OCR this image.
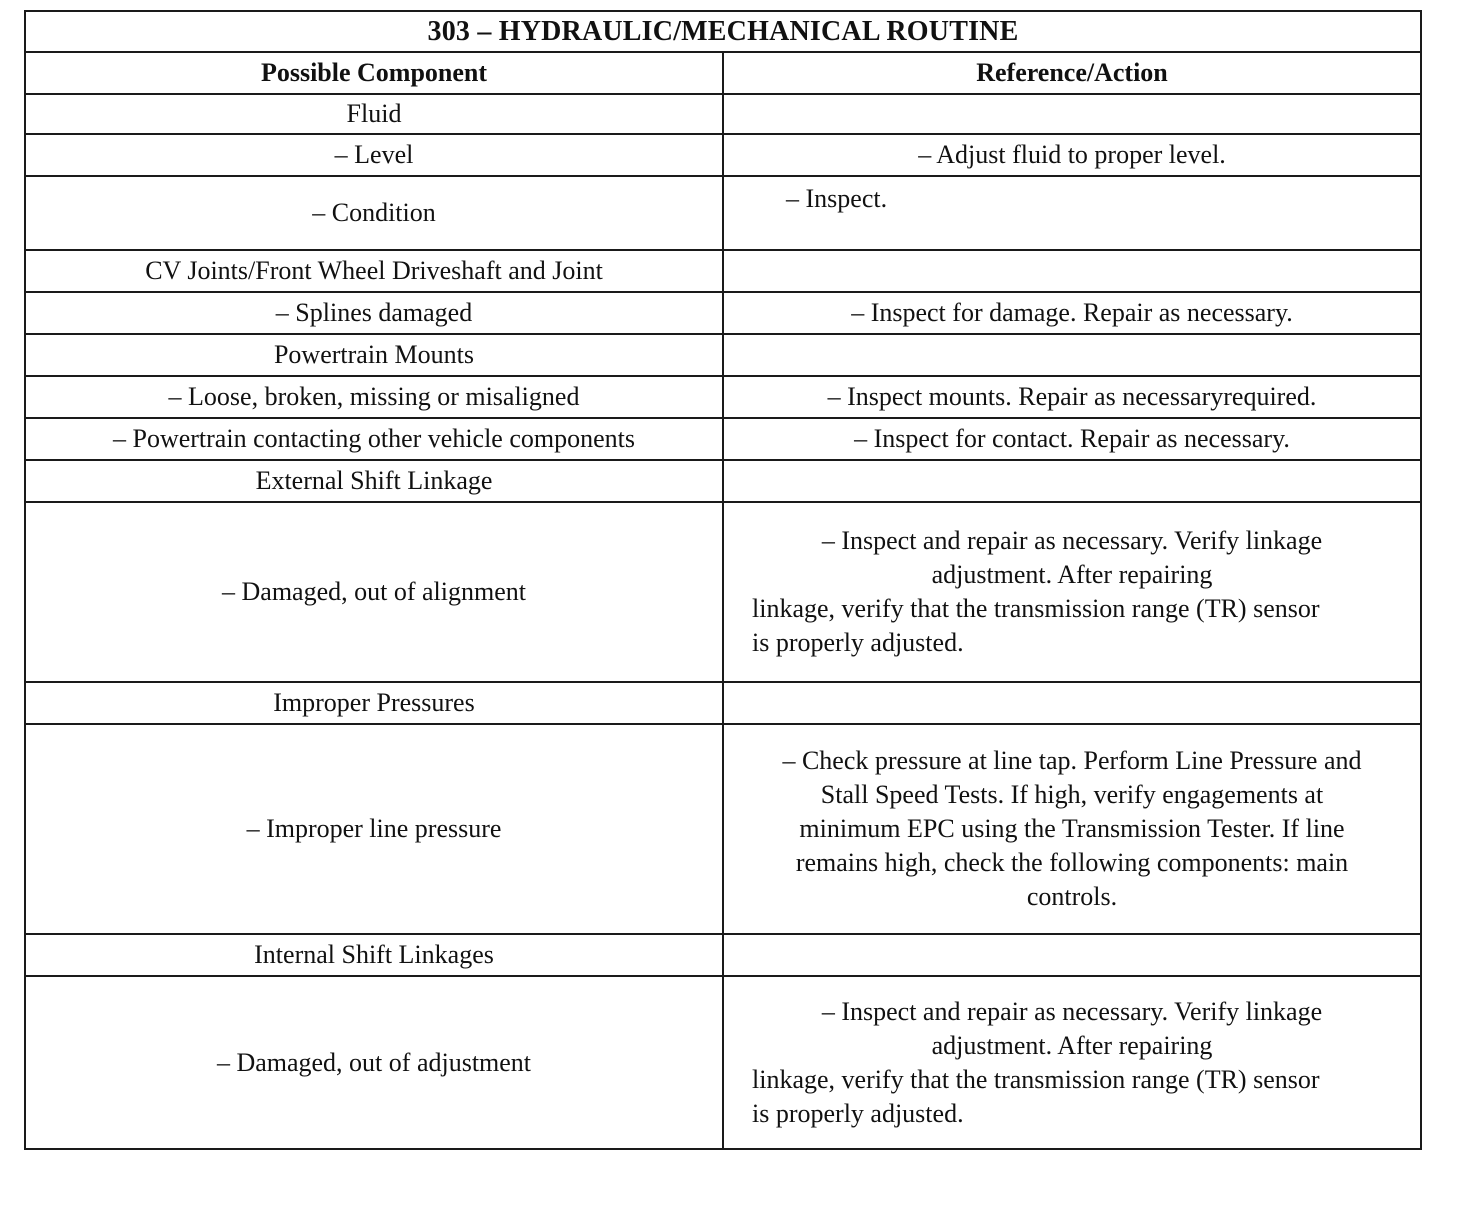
303 – HYDRAULIC/MECHANICAL ROUTINE	
Possible Component	Reference/Action
Fluid	
– Level	– Adjust fluid to proper level.
– Condition	– Inspect.

CV Joints/Front Wheel Driveshaft and Joint	
– Splines damaged	– Inspect for damage. Repair as necessary.
Powertrain Mounts	
– Loose, broken, missing or misaligned	– Inspect mounts. Repair as necessaryrequired.
– Powertrain contacting other vehicle components	– Inspect for contact. Repair as necessary.
External Shift Linkage	
– Damaged, out of alignment	– Inspect and repair as necessary. Verify linkage
adjustment. After repairing
linkage, verify that the transmission range (TR) sensor
is properly adjusted.

Improper Pressures	
– Improper line pressure	– Check pressure at line tap. Perform Line Pressure and
Stall Speed Tests. If high, verify engagements at
minimum EPC using the Transmission Tester. If line
remains high, check the following components: main
controls.

Internal Shift Linkages	
– Damaged, out of adjustment	– Inspect and repair as necessary. Verify linkage
adjustment. After repairing
linkage, verify that the transmission range (TR) sensor
is properly adjusted.
